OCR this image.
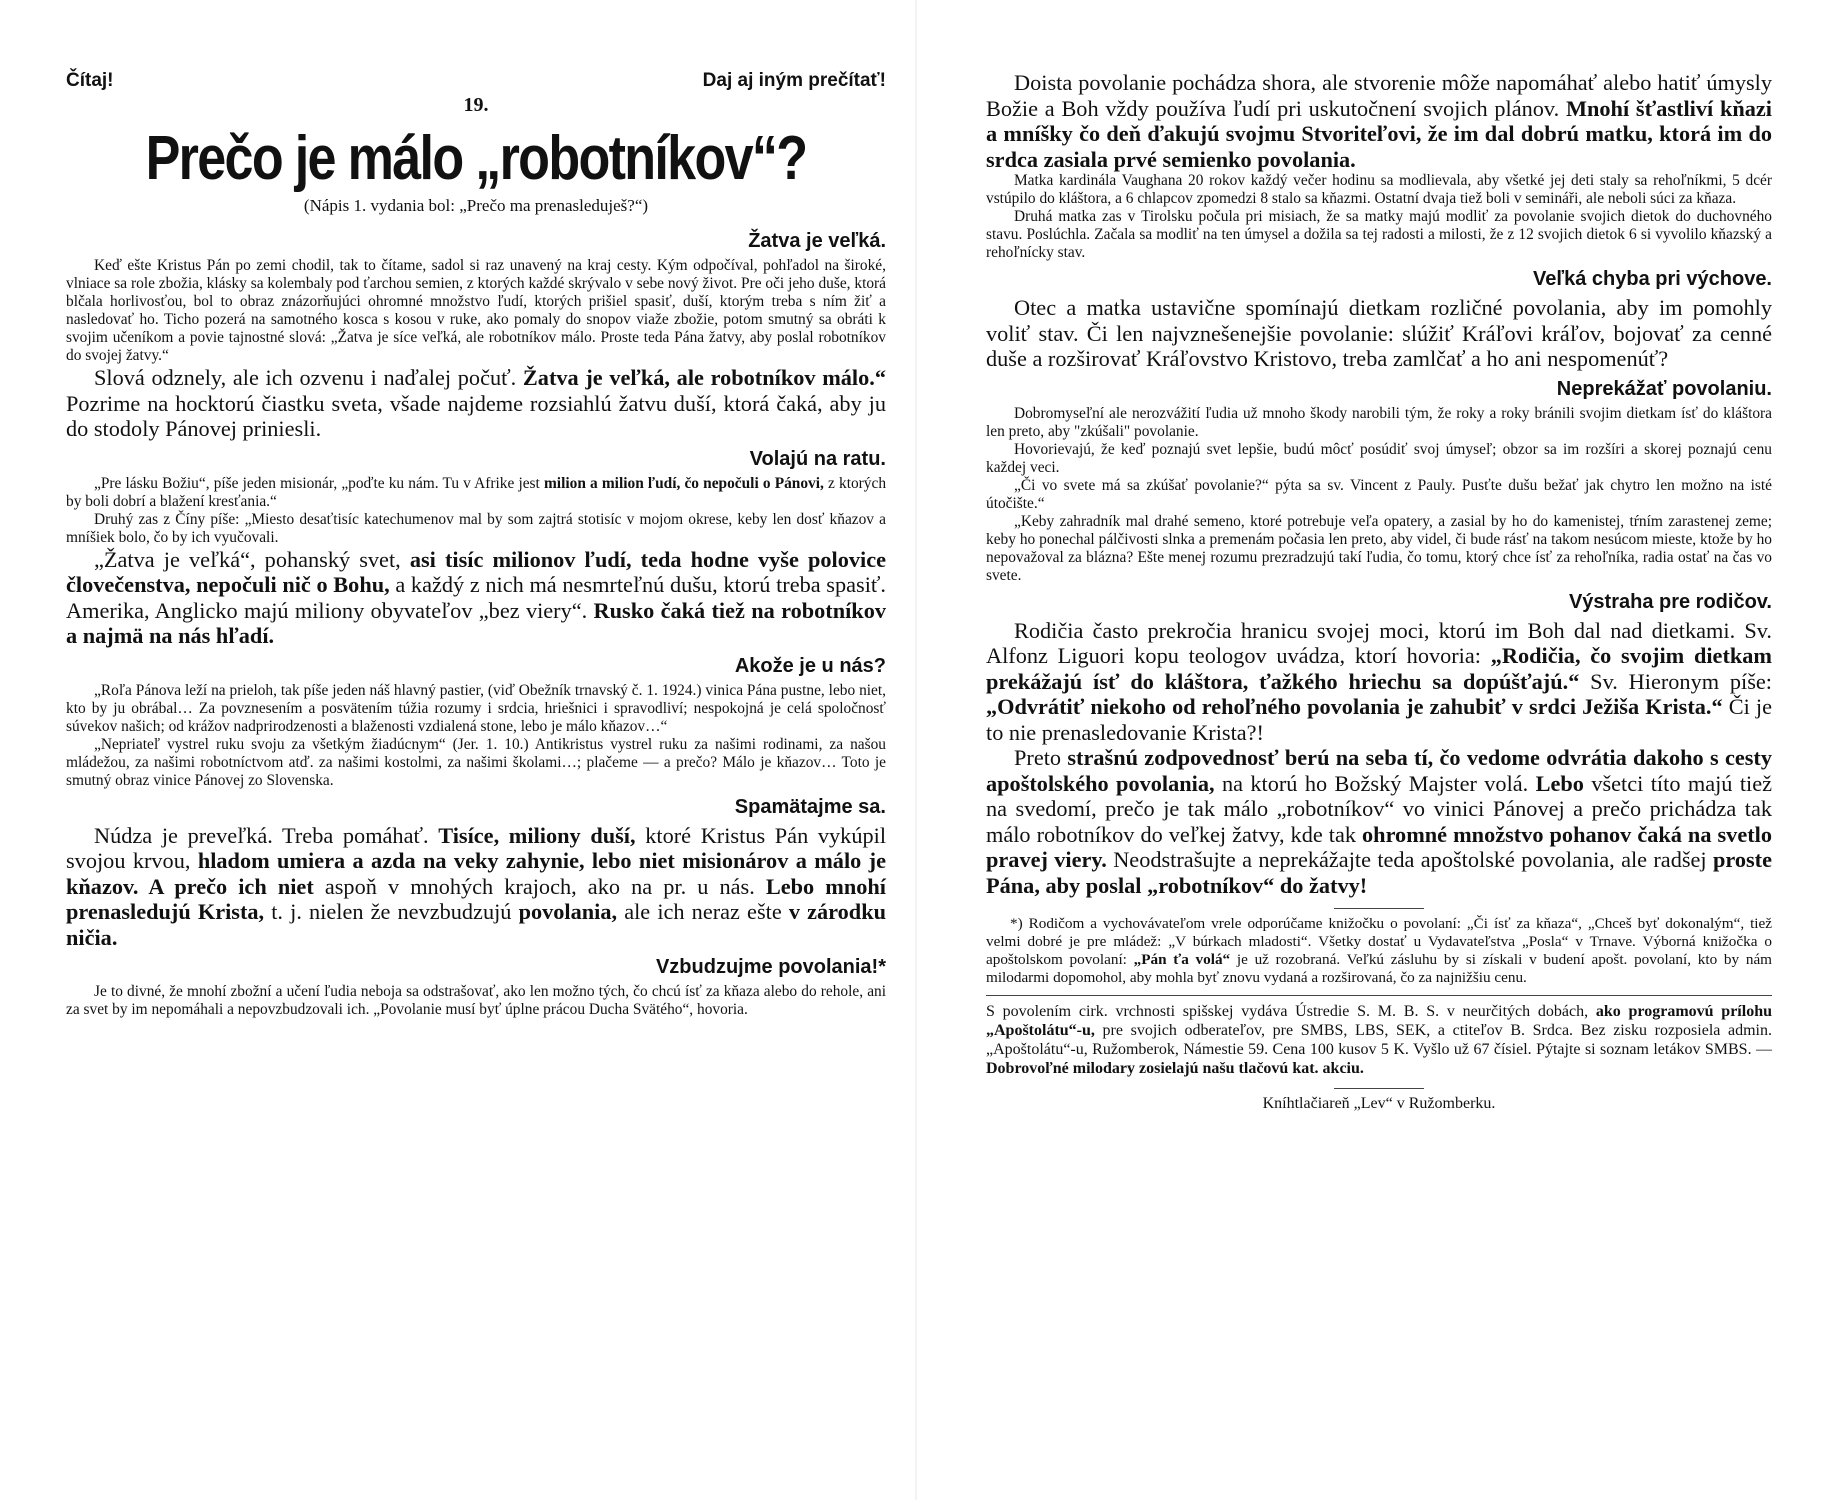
Čítaj!	Daj aj iným prečítať!
19.
Prečo je málo „robotníkov“?
(Nápis 1. vydania bol: „Prečo ma prenasleduješ?“)
Žatva je veľká.

Keď ešte Kristus Pán po zemi chodil, tak to čítame, sadol si raz unavený na kraj cesty. Kým odpočíval, pohľadol na široké, vlniace sa role zbožia, klásky sa kolembaly pod ťarchou semien, z ktorých každé skrývalo v sebe nový život. Pre oči jeho duše, ktorá blčala horlivosťou, bol to obraz znázorňujúci ohromné množstvo ľudí, ktorých prišiel spasiť, duší, ktorým treba s ním žiť a nasledovať ho. Ticho pozerá na samotného kosca s kosou v ruke, ako pomaly do snopov viaže zbožie, potom smutný sa obráti k svojim učeníkom a povie tajnostné slová: „Žatva je síce veľká, ale robotníkov málo. Proste teda Pána žatvy, aby poslal robotníkov do svojej žatvy.“

Slová odznely, ale ich ozvenu i naďalej počuť. Žatva je veľká, ale robotníkov málo.“ Pozrime na hocktorú čiastku sveta, všade najdeme rozsiahlú žatvu duší, ktorá čaká, aby ju do stodoly Pánovej priniesli.

Volajú na ratu.

„Pre lásku Božiu“, píše jeden misionár, „poďte ku nám. Tu v Afrike jest milion a milion ľudí, čo nepočuli o Pánovi, z ktorých by boli dobrí a blažení kresťania.“

Druhý zas z Číny píše: „Miesto desaťtisíc katechumenov mal by som zajtrá stotisíc v mojom okrese, keby len dosť kňazov a mníšiek bolo, čo by ich vyučovali.

„Žatva je veľká“, pohanský svet, asi tisíc milionov ľudí, teda hodne vyše polovice človečenstva, nepočuli nič o Bohu, a každý z nich má nesmrteľnú dušu, ktorú treba spasiť. Amerika, Anglicko majú miliony obyvateľov „bez viery“. Rusko čaká tiež na robotníkov a najmä na nás hľadí.

Akože je u nás?

„Roľa Pánova leží na prieloh, tak píše jeden náš hlavný pastier, (viď Obežník trnavský č. 1. 1924.) vinica Pána pustne, lebo niet, kto by ju obrábal… Za povznesením a posvätením túžia rozumy i srdcia, hriešnici i spravodliví; nespokojná je celá spoločnosť súvekov našich; od krážov nadprirodzenosti a blaženosti vzdialená stone, lebo je málo kňazov…“

„Nepriateľ vystrel ruku svoju za všetkým žiadúcnym“ (Jer. 1. 10.) Antikristus vystrel ruku za našimi rodinami, za našou mládežou, za našimi robotníctvom atď. za našimi kostolmi, za našimi školami…; plačeme — a prečo? Málo je kňazov… Toto je smutný obraz vinice Pánovej zo Slovenska.

Spamätajme sa.

Núdza je preveľká. Treba pomáhať. Tisíce, miliony duší, ktoré Kristus Pán vykúpil svojou krvou, hladom umiera a azda na veky zahynie, lebo niet misionárov a málo je kňazov. A prečo ich niet aspoň v mnohých krajoch, ako na pr. u nás. Lebo mnohí prenasledujú Krista, t. j. nielen že nevzbudzujú povolania, ale ich neraz ešte v zárodku ničia.

Vzbudzujme povolania!*

Je to divné, že mnohí zbožní a učení ľudia neboja sa odstrašovať, ako len možno tých, čo chcú ísť za kňaza alebo do rehole, ani za svet by im nepomáhali a nepovzbudzovali ich. „Povolanie musí byť úplne prácou Ducha Svätého“, hovoria.

Doista povolanie pochádza shora, ale stvorenie môže napomáhať alebo hatiť úmysly Božie a Boh vždy používa ľudí pri uskutočnení svojich plánov. Mnohí šťastliví kňazi a mníšky čo deň ďakujú svojmu Stvoriteľovi, že im dal dobrú matku, ktorá im do srdca zasiala prvé semienko povolania.

Matka kardinála Vaughana 20 rokov každý večer hodinu sa modlievala, aby všetké jej deti staly sa rehoľníkmi, 5 dcér vstúpilo do kláštora, a 6 chlapcov zpomedzi 8 stalo sa kňazmi. Ostatní dvaja tiež boli v semináři, ale neboli súci za kňaza.

Druhá matka zas v Tirolsku počula pri misiach, že sa matky majú modliť za povolanie svojich dietok do duchovného stavu. Poslúchla. Začala sa modliť na ten úmysel a dožila sa tej radosti a milosti, že z 12 svojich dietok 6 si vyvolilo kňazský a rehoľnícky stav.

Veľká chyba pri výchove.

Otec a matka ustavične spomínajú dietkam rozličné povolania, aby im pomohly voliť stav. Či len najvznešenejšie povolanie: slúžiť Kráľovi kráľov, bojovať za cenné duše a rozširovať Kráľovstvo Kristovo, treba zamlčať a ho ani nespomenúť?

Neprekážať povolaniu.

Dobromyseľní ale nerozvážití ľudia už mnoho škody narobili tým, že roky a roky bránili svojim dietkam ísť do kláštora len preto, aby "zkúšali" povolanie.

Hovorievajú, že keď poznajú svet lepšie, budú môcť posúdiť svoj úmyseľ; obzor sa im rozšíri a skorej poznajú cenu každej veci.

„Či vo svete má sa zkúšať povolanie?“ pýta sa sv. Vincent z Pauly. Pusťte dušu bežať jak chytro len možno na isté útočište.“

„Keby zahradník mal drahé semeno, ktoré potrebuje veľa opatery, a zasial by ho do kamenistej, tŕním zarastenej zeme; keby ho ponechal pálčivosti slnka a premenám počasia len preto, aby videl, či bude rásť na takom nesúcom mieste, ktože by ho nepovažoval za blázna? Ešte menej rozumu prezradzujú takí ľudia, čo tomu, ktorý chce ísť za rehoľníka, radia ostať na čas vo svete.

Výstraha pre rodičov.

Rodičia často prekročia hranicu svojej moci, ktorú im Boh dal nad dietkami. Sv. Alfonz Liguori kopu teologov uvádza, ktorí hovoria: „Rodičia, čo svojim dietkam prekážajú ísť do kláštora, ťažkého hriechu sa dopúšťajú.“ Sv. Hieronym píše: „Odvrátiť niekoho od rehoľného povolania je zahubiť v srdci Ježiša Krista.“ Či je to nie prenasledovanie Krista?!

Preto strašnú zodpovednosť berú na seba tí, čo vedome odvrátia dakoho s cesty apoštolského povolania, na ktorú ho Božský Majster volá. Lebo všetci títo majú tiež na svedomí, prečo je tak málo „robotníkov“ vo vinici Pánovej a prečo prichádza tak málo robotníkov do veľkej žatvy, kde tak ohromné množstvo pohanov čaká na svetlo pravej viery. Neodstrašujte a neprekážajte teda apoštolské povolania, ale radšej proste Pána, aby poslal „robotníkov“ do žatvy!

*) Rodičom a vychovávateľom vrele odporúčame knižočku o povolaní: „Či ísť za kňaza“, „Chceš byť dokonalým“, tiež velmi dobré je pre mládež: „V búrkach mladosti“. Všetky dostať u Vydavateľstva „Posla“ v Trnave. Výborná knižočka o apoštolskom povolaní: „Pán ťa volá“ je už rozobraná. Veľkú zásluhu by si získali v budení apošt. povolaní, kto by nám milodarmi dopomohol, aby mohla byť znovu vydaná a rozširovaná, čo za najnižšiu cenu.

S povolením cirk. vrchnosti spišskej vydáva Ústredie S. M. B. S. v neurčitých dobách, ako programovú prílohu „Apoštolátu“-u, pre svojich odberateľov, pre SMBS, LBS, SEK, a ctiteľov B. Srdca. Bez zisku rozposiela admin. „Apoštolátu“-u, Ružomberok, Námestie 59. Cena 100 kusov 5 K. Vyšlo už 67 čísiel. Pýtajte si soznam letákov SMBS. — Dobrovoľné milodary zosielajú našu tlačovú kat. akciu.

Kníhtlačiareň „Lev“ v Ružomberku.
